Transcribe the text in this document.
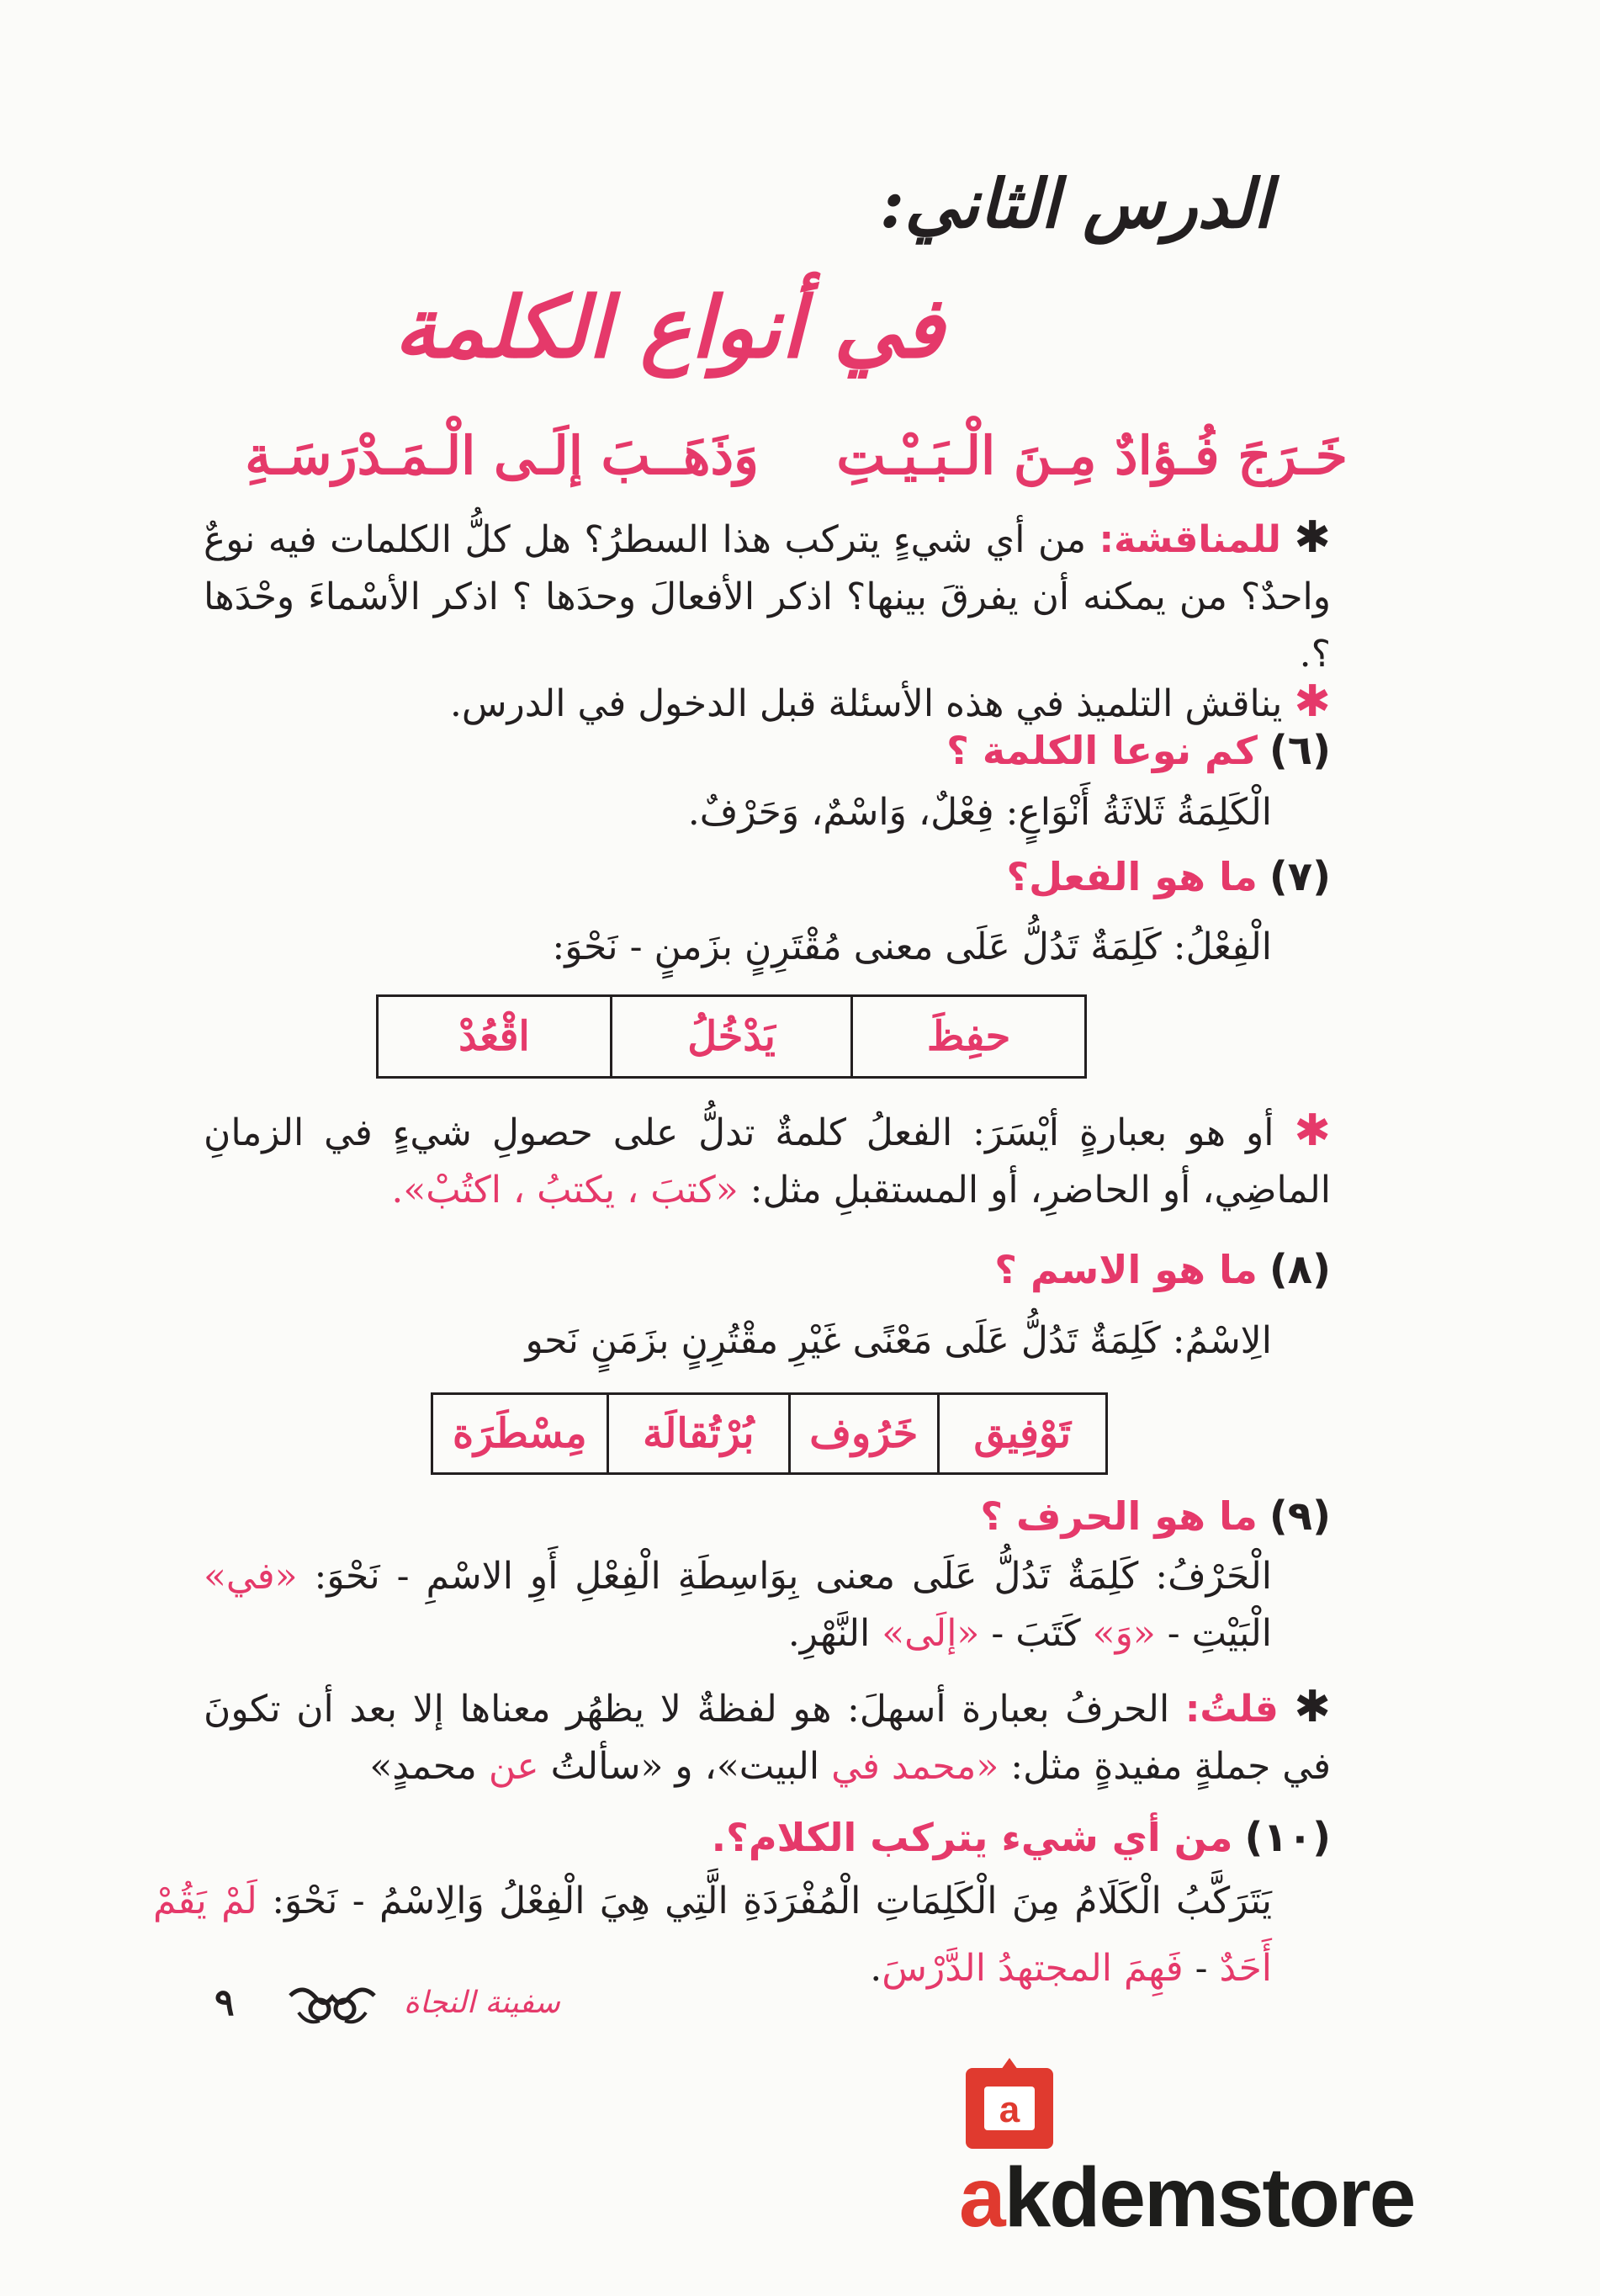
الدرس الثاني:
في أنواع الكلمة
خَـرَجَ فُـؤادٌ مِـنَ الْـبَـيْـتِ
وَذَهَــبَ إلَـى الْـمَـدْرَسَـةِ
✱ للمناقشة: من أي شيءٍ يتركب هذا السطرُ؟ هل كلُّ الكلمات فيه نوعٌ واحدٌ؟ من يمكنه أن يفرقَ بينها؟ اذكر الأفعالَ وحدَها ؟ اذكر الأسْماءَ وحْدَها ؟.
✱ يناقش التلميذ في هذه الأسئلة قبل الدخول في الدرس.
(٦) كم نوعا الكلمة ؟
الْكَلِمَةُ ثَلاثَةُ أَنْوَاعٍ: فِعْلٌ، وَاسْمٌ، وَحَرْفٌ.
(٧) ما هو الفعل؟
الْفِعْلُ: كَلِمَةٌ تَدُلُّ عَلَى معنى مُقْتَرِنٍ بزَمنٍ - نَحْوَ:
حفِظَ	يَدْخُلُ	اقْعُدْ
✱ أو هو بعبارةٍ أيْسَرَ: الفعلُ كلمةٌ تدلُّ على حصولِ شيءٍ في الزمانِ الماضِي، أو الحاضرِ، أو المستقبلِ مثل: «كتبَ ، يكتبُ ، اكتُبْ».
(٨) ما هو الاسم ؟
الِاسْمُ: كَلِمَةٌ تَدُلُّ عَلَى مَعْنًى غَيْرِ مقْتُرِنٍ بزَمَنٍ نَحو
تَوْفِيق	خَرُوف	بُرْتُقالَة	مِسْطَرَة
(٩) ما هو الحرف ؟
الْحَرْفُ: كَلِمَةٌ تَدُلُّ عَلَى معنى بِوَاسِطَةِ الْفِعْلِ أَوِ الاسْمِ - نَحْوَ: «في» الْبَيْتِ - «وَ» كَتَبَ - «إلَى» النَّهْرِ.
✱ قلتُ: الحرفُ بعبارة أسهلَ: هو لفظةٌ لا يظهُر معناها إلا بعد أن تكونَ في جملةٍ مفيدةٍ مثل: «محمد في البيت»، و «سألتُ عن محمدٍ»
(١٠) من أي شيء يتركب الكلام؟.
يَتَرَكَّبُ الْكَلَامُ مِنَ الْكَلِمَاتِ الْمُفْرَدَةِ الَّتِي هِيَ الْفِعْلُ وَالِاسْمُ - نَحْوَ: لَمْ يَقُمْ أَحَدٌ - فَهِمَ المجتهدُ الدَّرْسَ.
٩	سفينة النجاة
a
akdemstore
